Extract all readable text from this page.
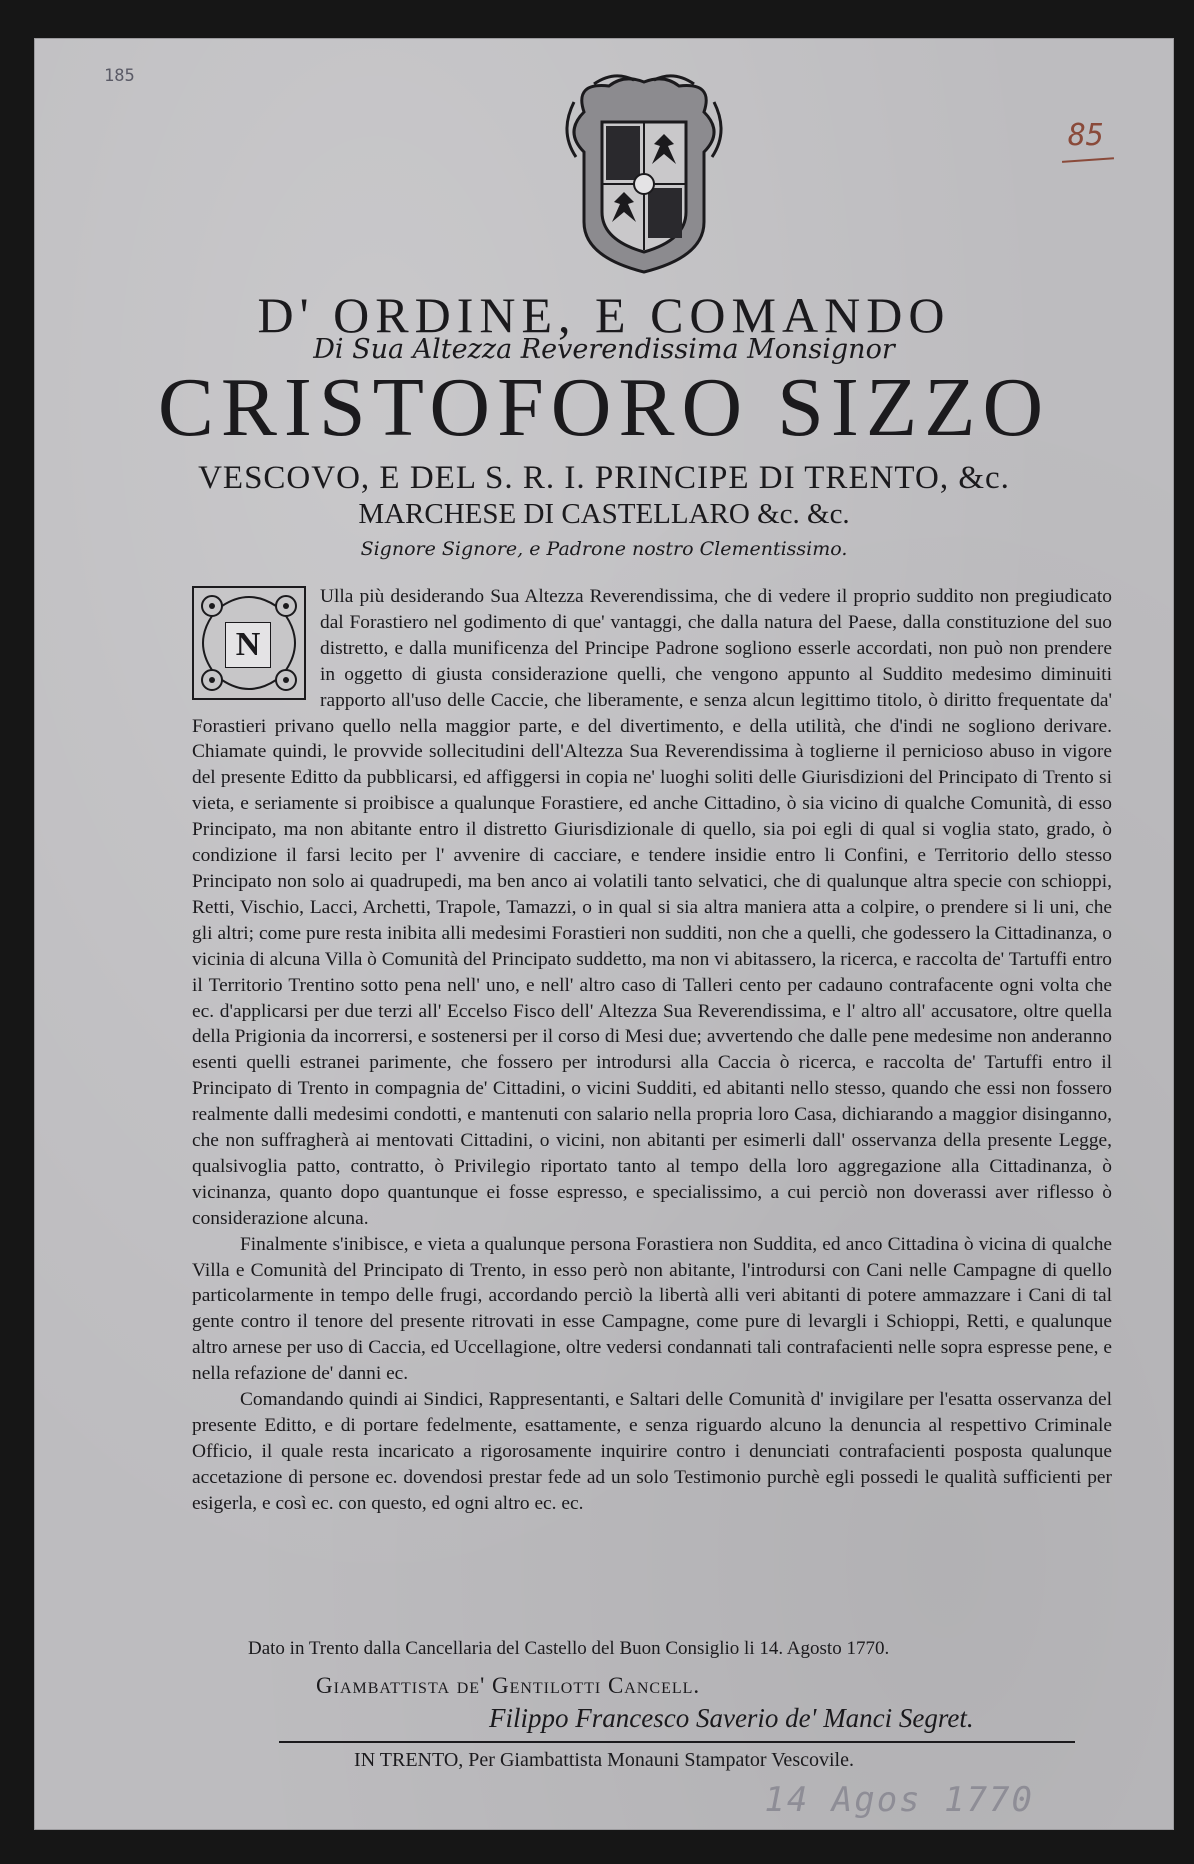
185
85
D' ORDINE, E COMANDO
Di Sua Altezza Reverendissima Monsignor
CRISTOFORO SIZZO
VESCOVO, E DEL S. R. I. PRINCIPE DI TRENTO, &c.
MARCHESE DI CASTELLARO &c. &c.
Signore Signore, e Padrone nostro Clementissimo.
N

Ulla più desiderando Sua Altezza Reverendissima, che di vedere il proprio suddito non pregiudicato dal Forastiero nel godimento di que' vantaggi, che dalla natura del Paese, dalla constituzione del suo distretto, e dalla munificenza del Principe Padrone sogliono esserle accordati, non può non prendere in oggetto di giusta considerazione quelli, che vengono appunto al Suddito medesimo diminuiti rapporto all'uso delle Caccie, che liberamente, e senza alcun legittimo titolo, ò diritto frequentate da' Forastieri privano quello nella maggior parte, e del divertimento, e della utilità, che d'indi ne sogliono derivare. Chiamate quindi, le provvide sollecitudini dell'Altezza Sua Reverendissima à toglierne il pernicioso abuso in vigore del presente Editto da pubblicarsi, ed affiggersi in copia ne' luoghi soliti delle Giurisdizioni del Principato di Trento si vieta, e seriamente si proibisce a qualunque Forastiere, ed anche Cittadino, ò sia vicino di qualche Comunità, di esso Principato, ma non abitante entro il distretto Giurisdizionale di quello, sia poi egli di qual si voglia stato, grado, ò condizione il farsi lecito per l' avvenire di cacciare, e tendere insidie entro li Confini, e Territorio dello stesso Principato non solo ai quadrupedi, ma ben anco ai volatili tanto selvatici, che di qualunque altra specie con schioppi, Retti, Vischio, Lacci, Archetti, Trapole, Tamazzi, o in qual si sia altra maniera atta a colpire, o prendere si li uni, che gli altri; come pure resta inibita alli medesimi Forastieri non sudditi, non che a quelli, che godessero la Cittadinanza, o vicinia di alcuna Villa ò Comunità del Principato suddetto, ma non vi abitassero, la ricerca, e raccolta de' Tartuffi entro il Territorio Trentino sotto pena nell' uno, e nell' altro caso di Talleri cento per cadauno contrafacente ogni volta che ec. d'applicarsi per due terzi all' Eccelso Fisco dell' Altezza Sua Reverendissima, e l' altro all' accusatore, oltre quella della Prigionia da incorrersi, e sostenersi per il corso di Mesi due; avvertendo che dalle pene medesime non anderanno esenti quelli estranei parimente, che fossero per introdursi alla Caccia ò ricerca, e raccolta de' Tartuffi entro il Principato di Trento in compagnia de' Cittadini, o vicini Sudditi, ed abitanti nello stesso, quando che essi non fossero realmente dalli medesimi condotti, e mantenuti con salario nella propria loro Casa, dichiarando a maggior disinganno, che non suffragherà ai mentovati Cittadini, o vicini, non abitanti per esimerli dall' osservanza della presente Legge, qualsivoglia patto, contratto, ò Privilegio riportato tanto al tempo della loro aggregazione alla Cittadinanza, ò vicinanza, quanto dopo quantunque ei fosse espresso, e specialissimo, a cui perciò non doverassi aver riflesso ò considerazione alcuna.

Finalmente s'inibisce, e vieta a qualunque persona Forastiera non Suddita, ed anco Cittadina ò vicina di qualche Villa e Comunità del Principato di Trento, in esso però non abitante, l'introdursi con Cani nelle Campagne di quello particolarmente in tempo delle frugi, accordando perciò la libertà alli veri abitanti di potere ammazzare i Cani di tal gente contro il tenore del presente ritrovati in esse Campagne, come pure di levargli i Schioppi, Retti, e qualunque altro arnese per uso di Caccia, ed Uccellagione, oltre vedersi condannati tali contrafacienti nelle sopra espresse pene, e nella refazione de' danni ec.

Comandando quindi ai Sindici, Rappresentanti, e Saltari delle Comunità d' invigilare per l'esatta osservanza del presente Editto, e di portare fedelmente, esattamente, e senza riguardo alcuno la denuncia al respettivo Criminale Officio, il quale resta incaricato a rigorosamente inquirire contro i denunciati contrafacienti posposta qualunque accetazione di persone ec. dovendosi prestar fede ad un solo Testimonio purchè egli possedi le qualità sufficienti per esigerla, e così ec. con questo, ed ogni altro ec. ec.

Dato in Trento dalla Cancellaria del Castello del Buon Consiglio li 14. Agosto 1770.
Giambattista de' Gentilotti Cancell.
Filippo Francesco Saverio de' Manci Segret.
IN TRENTO, Per Giambattista Monauni Stampator Vescovile.
14 Agos 1770
